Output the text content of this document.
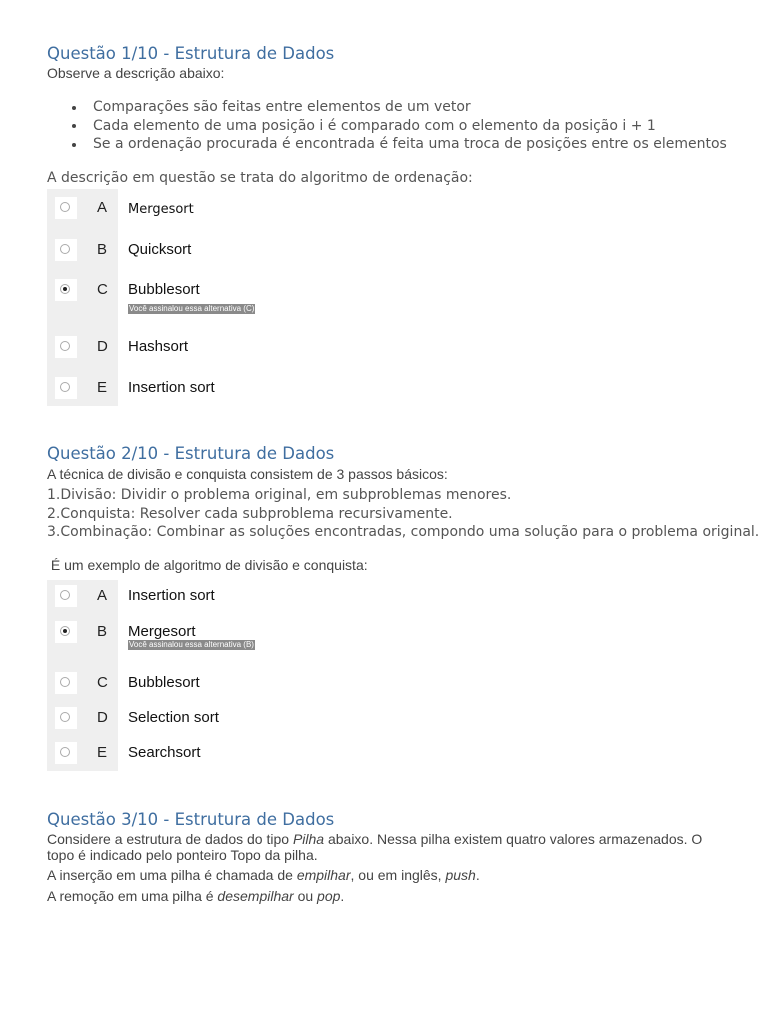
Questão 1/10 - Estrutura de Dados
Observe a descrição abaixo:
Comparações são feitas entre elementos de um vetor
Cada elemento de uma posição i é comparado com o elemento da posição i + 1
Se a ordenação procurada é encontrada é feita uma troca de posições entre os elementos
A descrição em questão se trata do algoritmo de ordenação:
A Mergesort
B Quicksort
C Bubblesort
Você assinalou essa alternativa (C)
D Hashsort
E Insertion sort
Questão 2/10 - Estrutura de Dados
A técnica de divisão e conquista consistem de 3 passos básicos:
1.Divisão: Dividir o problema original, em subproblemas menores.
2.Conquista: Resolver cada subproblema recursivamente.
3.Combinação: Combinar as soluções encontradas, compondo uma solução para o problema original.
É um exemplo de algoritmo de divisão e conquista:
A Insertion sort
B Mergesort
Você assinalou essa alternativa (B)
C Bubblesort
D Selection sort
E Searchsort
Questão 3/10 - Estrutura de Dados

Considere a estrutura de dados do tipo Pilha abaixo. Nessa pilha existem quatro valores armazenados. O topo é indicado pelo ponteiro Topo da pilha.

A inserção em uma pilha é chamada de empilhar, ou em inglês, push.

A remoção em uma pilha é desempilhar ou pop.
